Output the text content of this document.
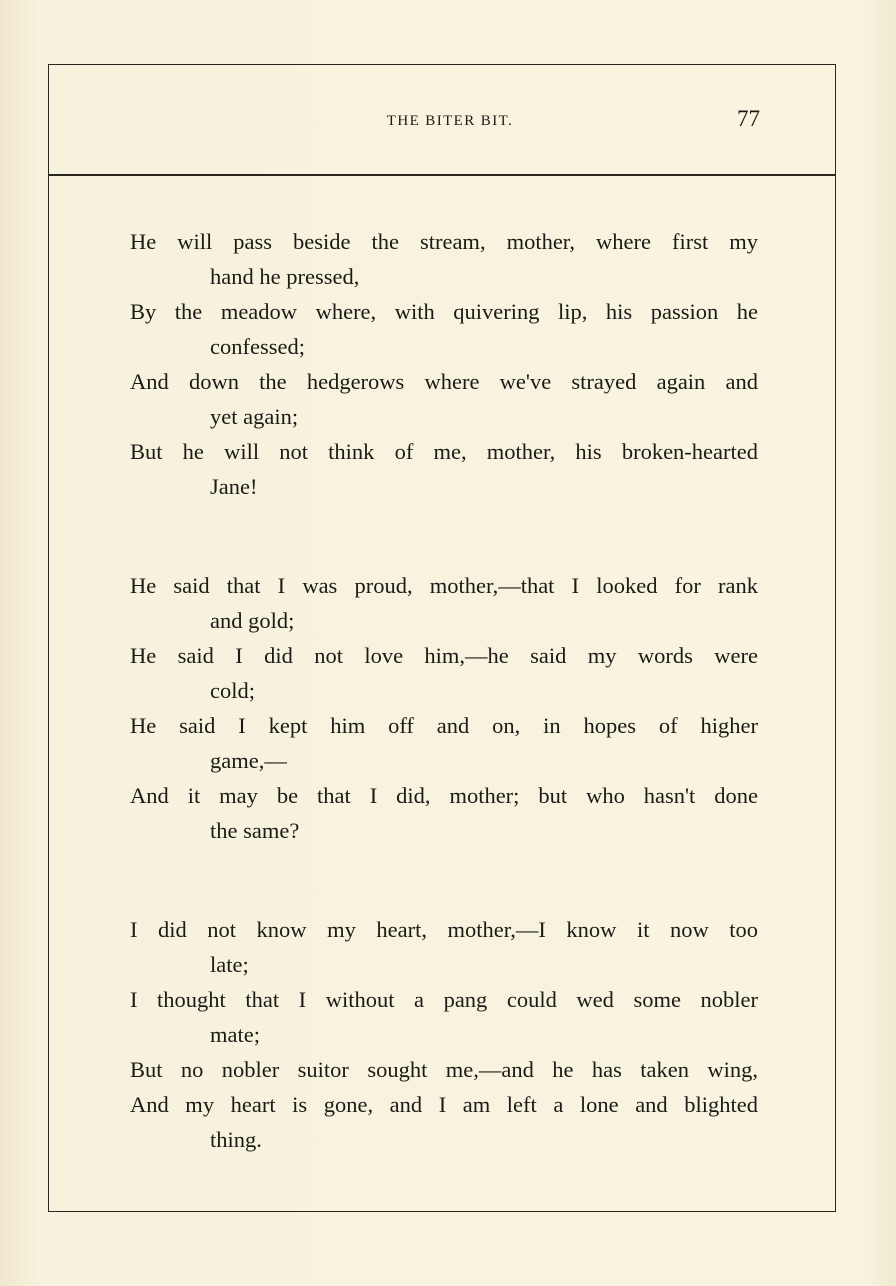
THE BITER BIT.	77
He will pass beside the stream, mother, where first my
hand he pressed,
By the meadow where, with quivering lip, his passion he
confessed;
And down the hedgerows where we've strayed again and
yet again;
But he will not think of me, mother, his broken-hearted
Jane!
He said that I was proud, mother,—that I looked for rank
and gold;
He said I did not love him,—he said my words were
cold;
He said I kept him off and on, in hopes of higher
game,—
And it may be that I did, mother; but who hasn't done
the same?
I did not know my heart, mother,—I know it now too
late;
I thought that I without a pang could wed some nobler
mate;
But no nobler suitor sought me,—and he has taken wing,
And my heart is gone, and I am left a lone and blighted
thing.
